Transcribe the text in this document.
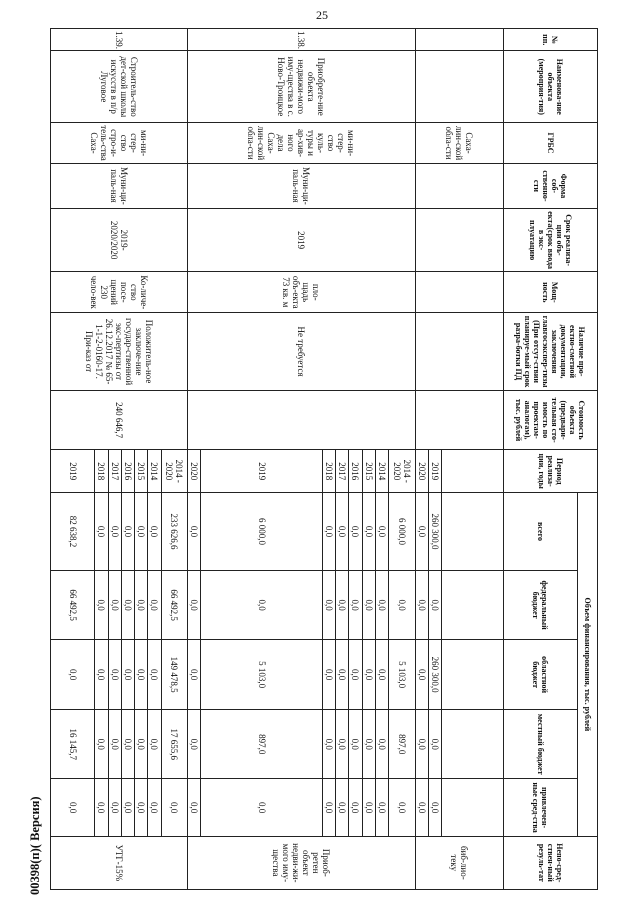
25
№ пп.	Наименова-ние объекта (мероприя-тия)	ГРБС	Форма соб-ственно-сти	Срок реализа-ции объ-екта(срок ввода в экс-плуатацию	Мощ-ность	Наличие про-ектно-сметной документации, заключения главгосэкспер-тизы (При отсут-ствии планируе-мый срок разра-ботки ПД	Стоимость объекта (предвари-тельная сто-имость по проектам-аналогам), тыс. рублей	Период реализа-ции, годы	Объем финансирования, тыс. рублей					Непо-сред-ствен-ный резуль-тат
									всего	федеральный бюджет	областной бюджет	местный бюджет	привлечен-ные сред-ства	
		Саха-лин-ской обла-сти												биб-лио-теку
								2019	260 300,0	0,0	260 300,0	0,0	0,0	
								2020	0,0	0,0	0,0	0,0	0,0	
1.38.	Приобрете-ние объекта недвижи-мого иму-щества в с. Ново-Троицкое	ми-ни-стер-ство куль-туры и ар-хив-ного дела Саха-лин-ской обла-сти	Муни-ци-паль-ная	2019	пло-щадь объ-екта 73 кв. м	Не требуется		2014 - 2020	6 000,0	0,0	5 103,0	897,0	0,0	Приоб-ретен объект недви-жи-мого иму-щества
								2014	0,0	0,0	0,0	0,0	0,0	
								2015	0,0	0,0	0,0	0,0	0,0	
								2016	0,0	0,0	0,0	0,0	0,0	
								2017	0,0	0,0	0,0	0,0	0,0	
								2018	0,0	0,0	0,0	0,0	0,0	
								2019	6 000,0	0,0	5 103,0	897,0	0,0	
								2020	0,0	0,0	0,0	0,0	0,0	
1.39.	Строитель-ство дет-ской школы искусств в п/р Луговое	ми-ни-стер-ство стро-и-тель-ства Саха-	Муни-ци-паль-ная	2019-2020/2020	Ко-личе-ство посе-щений 230 чело-век	Положитель-ное заключе-ние государ-ственной экс-пертизы от 26.12.2017 № 65-1-1-2-0160-17. При-каз от	240 646,7	2014 - 2020	233 626,6	66 492,5	149 478,5	17 655,6	0,0	УТГ-15%
								2014	0,0	0,0	0,0	0,0	0,0	
								2015	0,0	0,0	0,0	0,0	0,0	
								2016	0,0	0,0	0,0	0,0	0,0	
								2017	0,0	0,0	0,0	0,0	0,0	
								2018	0,0	0,0	0,0	0,0	0,0	
								2019	82 638,2	66 492,5	0,0	16 145,7	0,0	
00398(п)( Версия)
